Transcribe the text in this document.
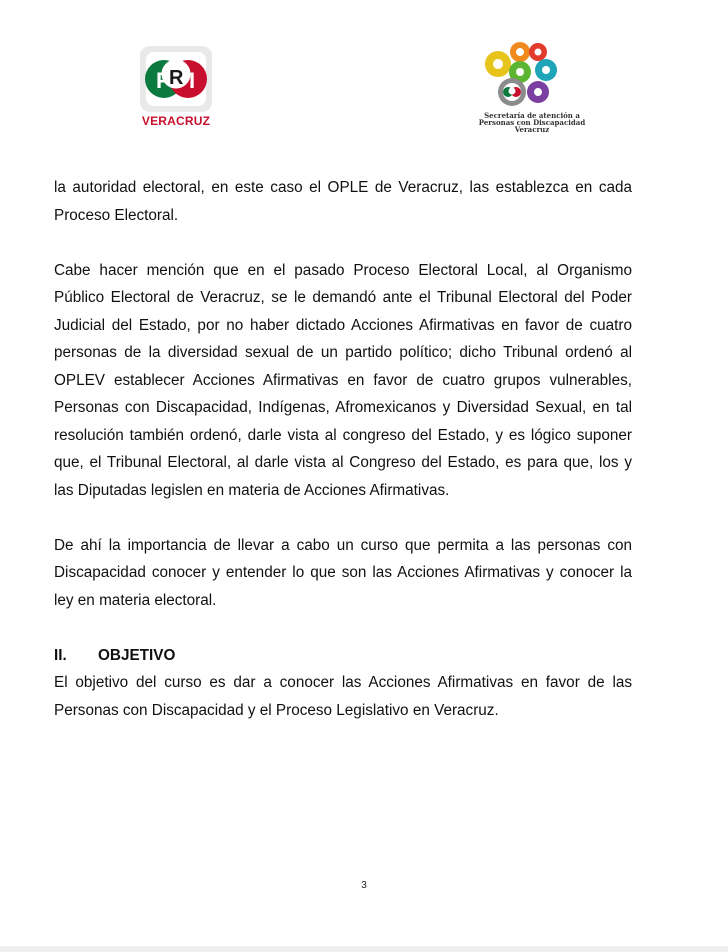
P
R I
VERACRUZ	Secretaría de atención a
Personas con Discapacidad
Veracruz

la autoridad electoral, en este caso el OPLE de Veracruz, las establezca en cada Proceso Electoral.

Cabe hacer mención que en el pasado Proceso Electoral Local, al Organismo Público Electoral de Veracruz, se le demandó ante el Tribunal Electoral del Poder Judicial del Estado, por no haber dictado Acciones Afirmativas en favor de cuatro personas de la diversidad sexual de un partido político; dicho Tribunal ordenó al OPLEV establecer Acciones Afirmativas en favor de cuatro grupos vulnerables, Personas con Discapacidad, Indígenas, Afromexicanos y Diversidad Sexual, en tal resolución también ordenó, darle vista al congreso del Estado, y es lógico suponer que, el Tribunal Electoral, al darle vista al Congreso del Estado, es para que, los y las Diputadas legislen en materia de Acciones Afirmativas.

De ahí la importancia de llevar a cabo un curso que permita a las personas con Discapacidad conocer y entender lo que son las Acciones Afirmativas y conocer la ley en materia electoral.

II.	OBJETIVO

El objetivo del curso es dar a conocer las Acciones Afirmativas en favor de las Personas con Discapacidad y el Proceso Legislativo en Veracruz.

3
